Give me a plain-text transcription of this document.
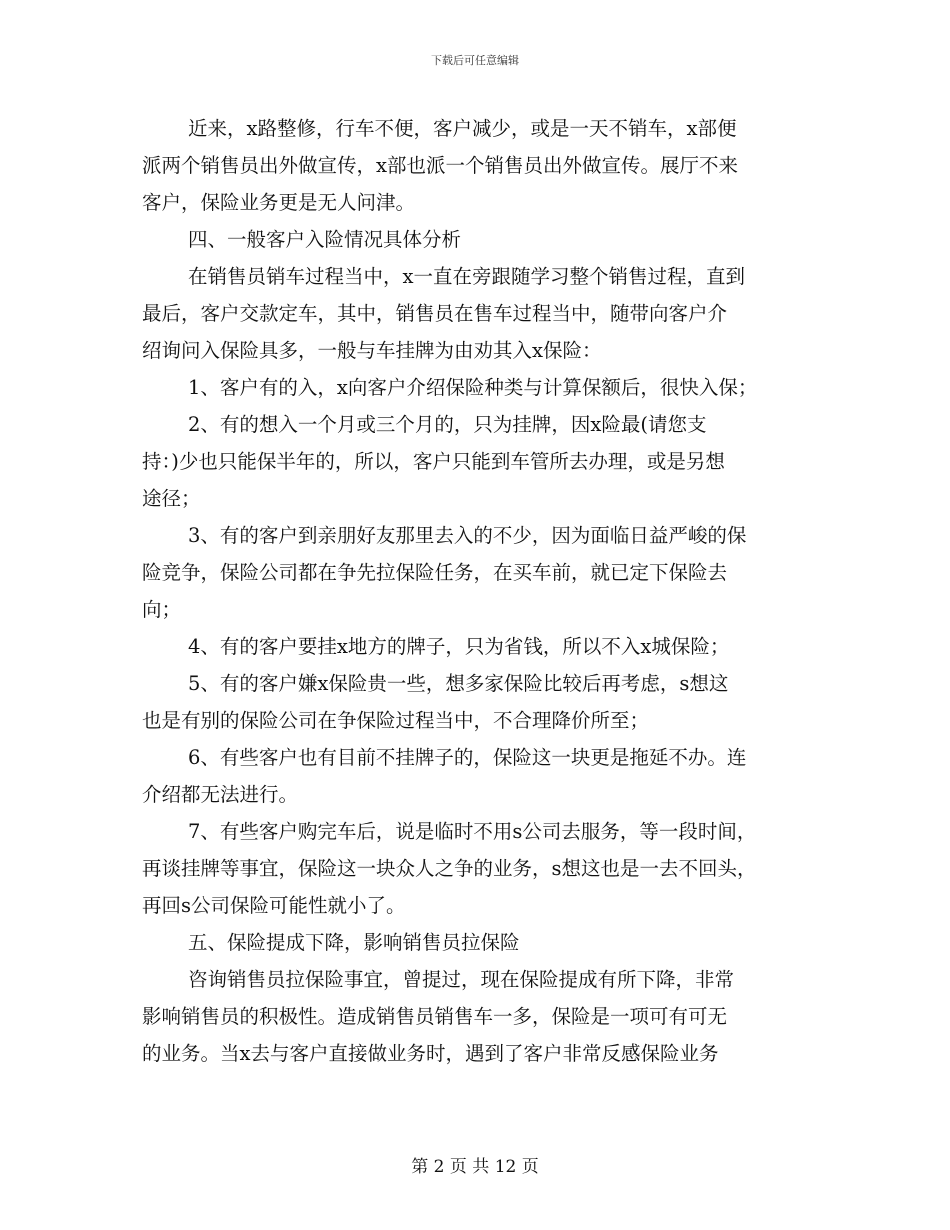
下载后可任意编辑
近来，x路整修，行车不便，客户减少，或是一天不销车，x部便
派两个销售员出外做宣传，x部也派一个销售员出外做宣传。展厅不来
客户，保险业务更是无人问津。
四、一般客户入险情况具体分析
在销售员销车过程当中，x一直在旁跟随学习整个销售过程，直到
最后，客户交款定车，其中，销售员在售车过程当中，随带向客户介
绍询问入保险具多，一般与车挂牌为由劝其入x保险：
1、客户有的入，x向客户介绍保险种类与计算保额后，很快入保；
2、有的想入一个月或三个月的，只为挂牌，因x险最(请您支
持：)少也只能保半年的，所以，客户只能到车管所去办理，或是另想
途径；
3、有的客户到亲朋好友那里去入的不少，因为面临日益严峻的保
险竞争，保险公司都在争先拉保险任务，在买车前，就已定下保险去
向；
4、有的客户要挂x地方的牌子，只为省钱，所以不入x城保险；
5、有的客户嫌x保险贵一些，想多家保险比较后再考虑，s想这
也是有别的保险公司在争保险过程当中，不合理降价所至；
6、有些客户也有目前不挂牌子的，保险这一块更是拖延不办。连
介绍都无法进行。
7、有些客户购完车后，说是临时不用s公司去服务，等一段时间，
再谈挂牌等事宜，保险这一块众人之争的业务，s想这也是一去不回头，
再回s公司保险可能性就小了。
五、保险提成下降，影响销售员拉保险
咨询销售员拉保险事宜，曾提过，现在保险提成有所下降，非常
影响销售员的积极性。造成销售员销售车一多，保险是一项可有可无
的业务。当x去与客户直接做业务时，遇到了客户非常反感保险业务
第 2 页 共 12 页
